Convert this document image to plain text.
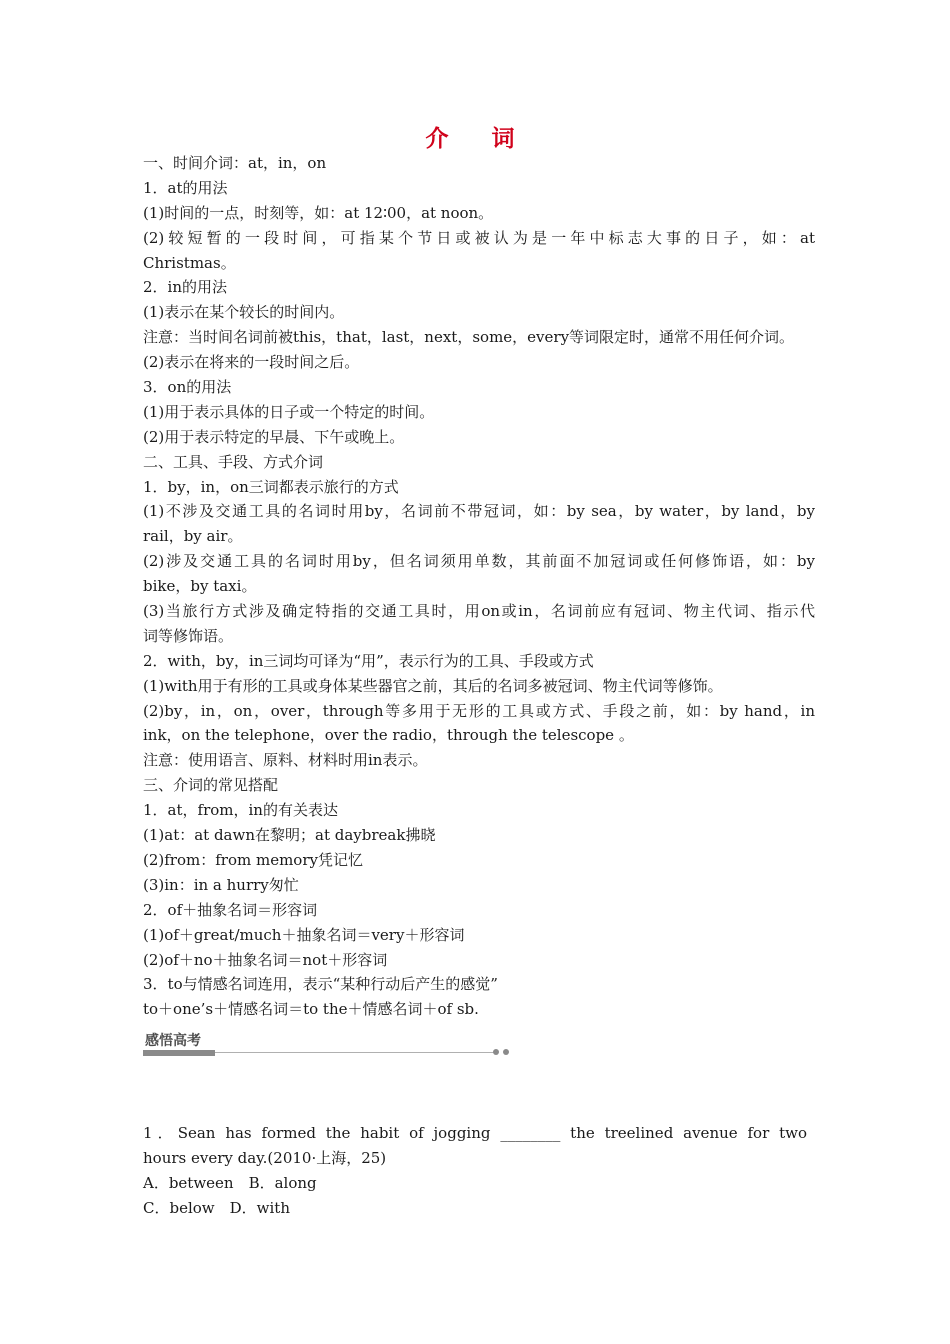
介　词
一、时间介词：at，in，on
1．at的用法
(1)时间的一点，时刻等，如：at 12∶00，at noon。
(2)较短暂的一段时间，可指某个节日或被认为是一年中标志大事的日子，如：at
Christmas。
2．in的用法
(1)表示在某个较长的时间内。
注意：当时间名词前被this，that，last，next，some，every等词限定时，通常不用任何介词。
(2)表示在将来的一段时间之后。
3．on的用法
(1)用于表示具体的日子或一个特定的时间。
(2)用于表示特定的早晨、下午或晚上。
二、工具、手段、方式介词
1．by，in，on三词都表示旅行的方式
(1)不涉及交通工具的名词时用by，名词前不带冠词，如：by sea，by water，by land，by
rail，by air。
(2)涉及交通工具的名词时用by，但名词须用单数，其前面不加冠词或任何修饰语，如：by
bike，by taxi。
(3)当旅行方式涉及确定特指的交通工具时，用on或in，名词前应有冠词、物主代词、指示代
词等修饰语。
2．with，by，in三词均可译为“用”，表示行为的工具、手段或方式
(1)with用于有形的工具或身体某些器官之前，其后的名词多被冠词、物主代词等修饰。
(2)by，in，on，over，through等多用于无形的工具或方式、手段之前，如：by hand，in
ink，on the telephone，over the radio，through the telescope 。
注意：使用语言、原料、材料时用in表示。
三、介词的常见搭配
1．at，from，in的有关表达
(1)at：at dawn在黎明；at daybreak拂晓
(2)from：from memory凭记忆
(3)in：in a hurry匆忙
2．of＋抽象名词＝形容词
(1)of＋great/much＋抽象名词＝very＋形容词
(2)of＋no＋抽象名词＝not＋形容词
3．to与情感名词连用，表示“某种行动后产生的感觉”
to＋one’s＋情感名词＝to the＋情感名词＋of sb.
感悟高考
1．Sean has formed the habit of jogging ________ the treelined avenue for two
hours every day.(2010·上海，25)
A．between　B．along
C．below　D．with
